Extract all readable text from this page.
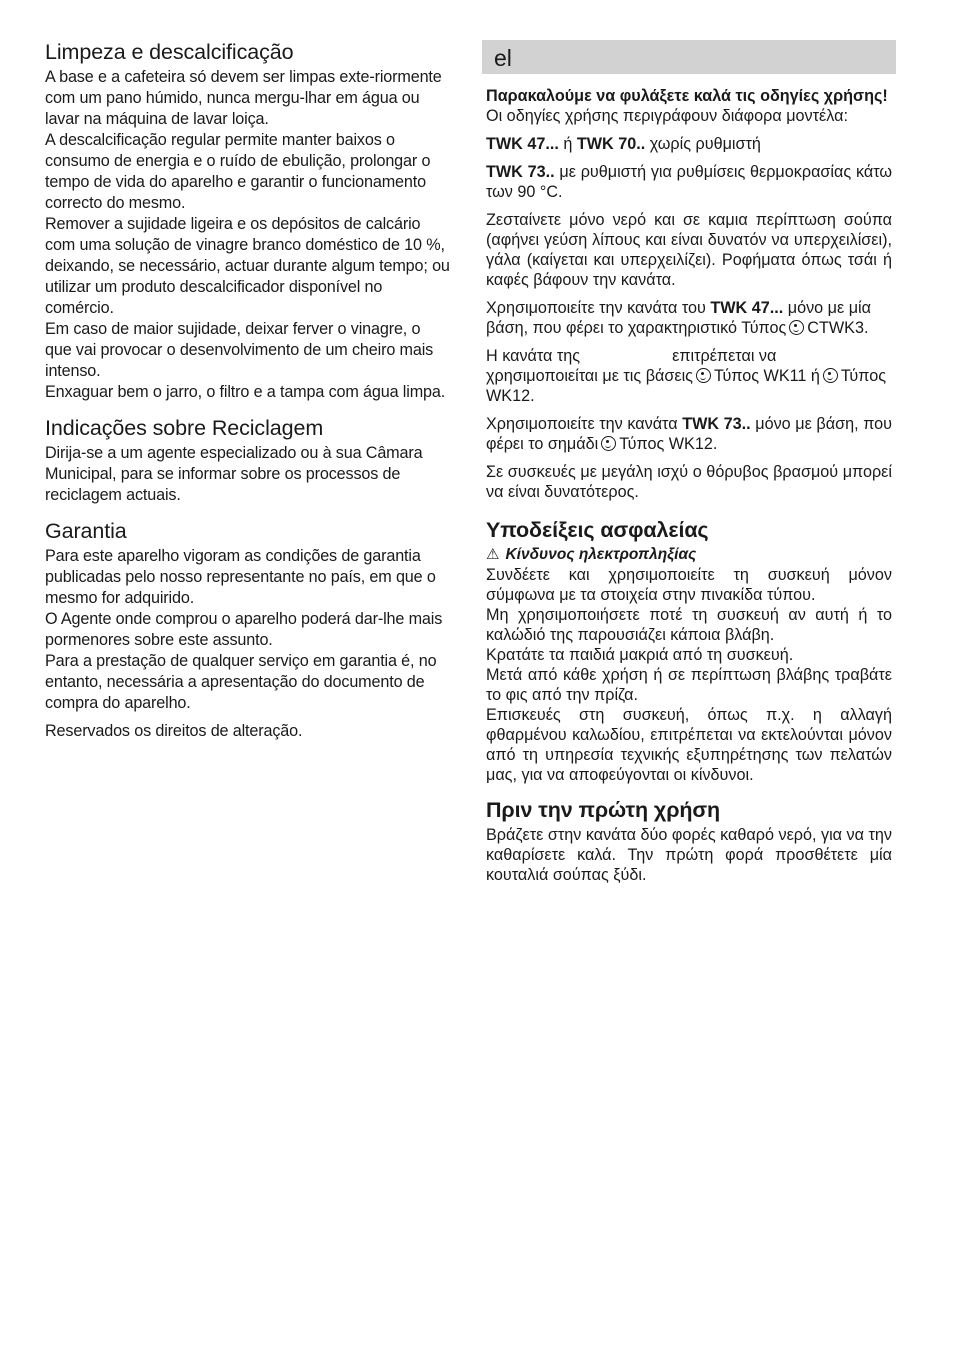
Limpeza e descalcificação

A base e a cafeteira só devem ser limpas exte-riormente com um pano húmido, nunca mergu-lhar em água ou lavar na máquina de lavar loiça.

A descalcificação regular permite manter baixos o consumo de energia e o ruído de ebulição, prolongar o tempo de vida do aparelho e garantir o funcionamento correcto do mesmo.

Remover a sujidade ligeira e os depósitos de calcário com uma solução de vinagre branco doméstico de 10 %, deixando, se necessário, actuar durante algum tempo; ou utilizar um produto descalcificador disponível no comércio.

Em caso de maior sujidade, deixar ferver o vinagre, o que vai provocar o desenvolvimento de um cheiro mais intenso.

Enxaguar bem o jarro, o filtro e a tampa com água limpa.

Indicações sobre Reciclagem

Dirija-se a um agente especializado ou à sua Câmara Municipal, para se informar sobre os processos de reciclagem actuais.

Garantia

Para este aparelho vigoram as condições de garantia publicadas pelo nosso representante no país, em que o mesmo for adquirido.

O Agente onde comprou o aparelho poderá dar-lhe mais pormenores sobre este assunto.

Para a prestação de qualquer serviço em garantia é, no entanto, necessária a apresentação do documento de compra do aparelho.

Reservados os direitos de alteração.

el

Παρακαλούμε να φυλάξετε καλά τις οδηγίες χρήσης!

Οι οδηγίες χρήσης περιγράφουν διάφορα μοντέλα:

TWK 47... ή TWK 70.. χωρίς ρυθμιστή

TWK 73.. με ρυθμιστή για ρυθμίσεις θερμοκρασίας κάτω των 90 °C.

Ζεσταίνετε μόνο νερό και σε καμια περίπτωση σούπα (αφήνει γεύση λίπους και είναι δυνατόν να υπερχειλίσει), γάλα (καίγεται και υπερχειλίζει). Ροφήματα όπως τσάι ή καφές βάφουν την κανάτα.

Χρησιμοποιείτε την κανάτα του TWK 47... μόνο με μία βάση, που φέρει το χαρακτηριστικό Τύπος CTWK3.

Η κανάτα της	επιτρέπεται να χρησιμοποιείται με τις βάσεις Τύπος WK11 ή Τύπος WK12.

Χρησιμοποιείτε την κανάτα TWK 73.. μόνο με βάση, που φέρει το σημάδι Τύπος WK12.

Σε συσκευές με μεγάλη ισχύ ο θόρυβος βρασμού μπορεί να είναι δυνατότερος.

Υποδείξεις ασφαλείας
⚠ Κίνδυνος ηλεκτροπληξίας

Συνδέετε και χρησιμοποιείτε τη συσκευή μόνον σύμφωνα με τα στοιχεία στην πινακίδα τύπου.

Μη χρησιμοποιήσετε ποτέ τη συσκευή αν αυτή ή το καλώδιό της παρουσιάζει κάποια βλάβη.

Κρατάτε τα παιδιά μακριά από τη συσκευή.

Μετά από κάθε χρήση ή σε περίπτωση βλάβης τραβάτε το φις από την πρίζα.

Επισκευές στη συσκευή, όπως π.χ. η αλλαγή φθαρμένου καλωδίου, επιτρέπεται να εκτελούνται μόνον από τη υπηρεσία τεχνικής εξυπηρέτησης των πελατών μας, για να αποφεύγονται οι κίνδυνοι.

Πριν την πρώτη χρήση

Βράζετε στην κανάτα δύο φορές καθαρό νερό, για να την καθαρίσετε καλά. Την πρώτη φορά προσθέτετε μία κουταλιά σούπας ξύδι.
